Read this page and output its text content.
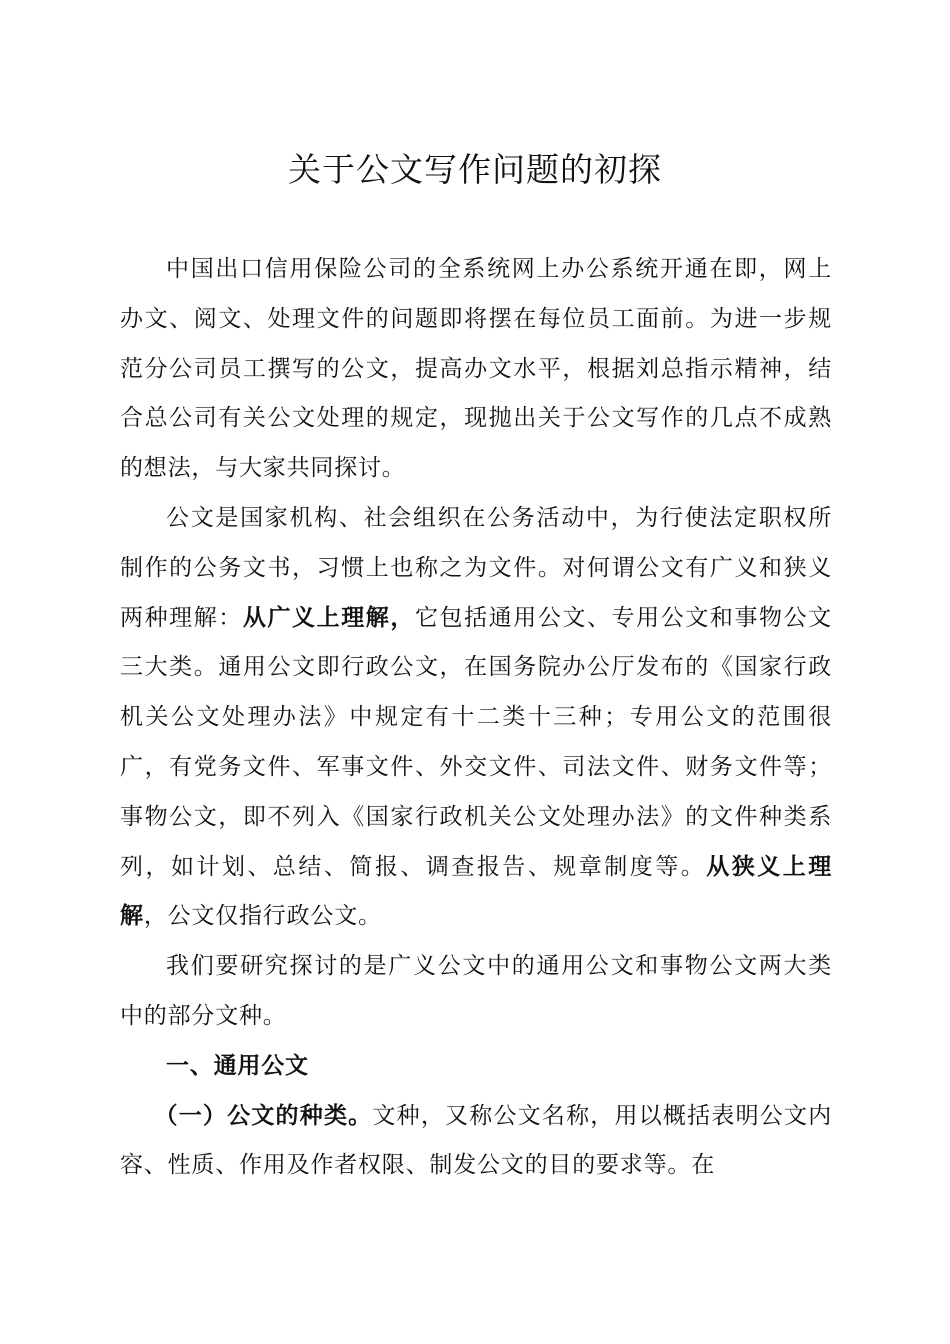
关于公文写作问题的初探

中国出口信用保险公司的全系统网上办公系统开通在即，网上办文、阅文、处理文件的问题即将摆在每位员工面前。为进一步规范分公司员工撰写的公文，提高办文水平，根据刘总指示精神，结合总公司有关公文处理的规定，现抛出关于公文写作的几点不成熟的想法，与大家共同探讨。

公文是国家机构、社会组织在公务活动中，为行使法定职权所制作的公务文书，习惯上也称之为文件。对何谓公文有广义和狭义两种理解：从广义上理解，它包括通用公文、专用公文和事物公文三大类。通用公文即行政公文，在国务院办公厅发布的《国家行政机关公文处理办法》中规定有十二类十三种；专用公文的范围很广，有党务文件、军事文件、外交文件、司法文件、财务文件等；事物公文，即不列入《国家行政机关公文处理办法》的文件种类系列，如计划、总结、简报、调查报告、规章制度等。从狭义上理解，公文仅指行政公文。

我们要研究探讨的是广义公文中的通用公文和事物公文两大类中的部分文种。

一、通用公文

（一）公文的种类。文种，又称公文名称，用以概括表明公文内容、性质、作用及作者权限、制发公文的目的要求等。在
